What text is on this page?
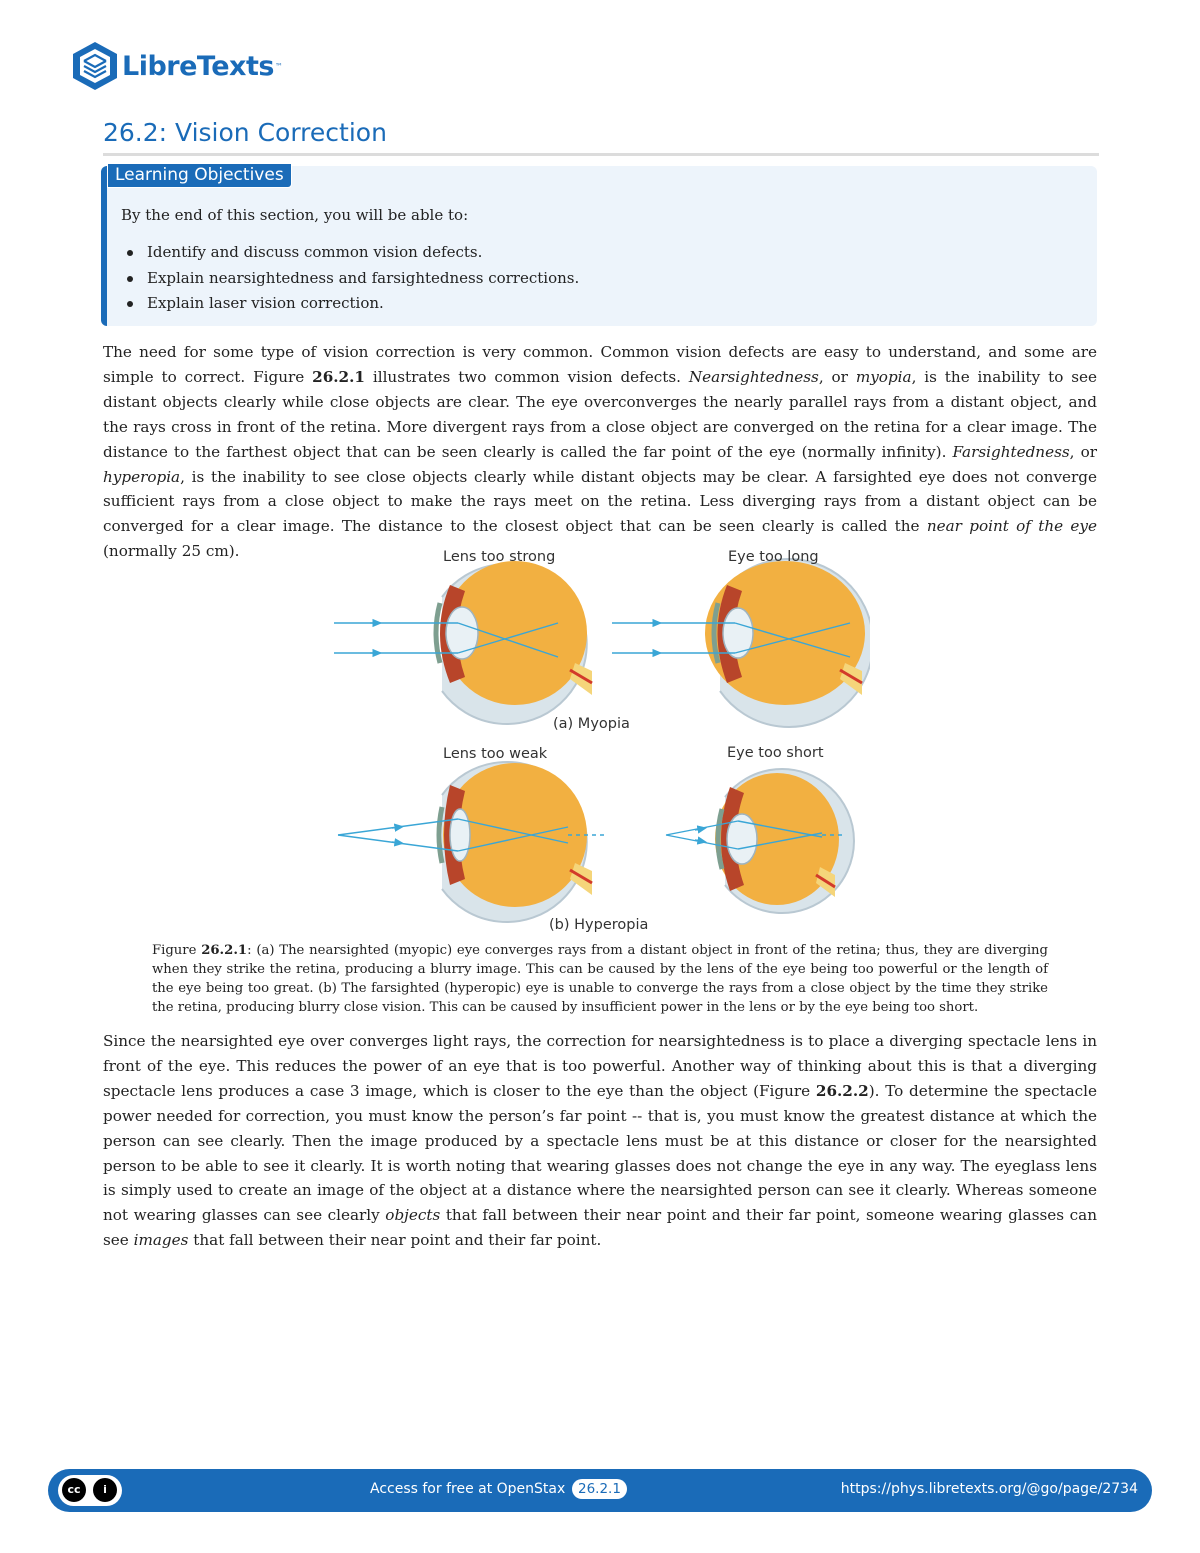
LibreTexts ™
26.2: Vision Correction
Learning Objectives

By the end of this section, you will be able to:

Identify and discuss common vision defects.
Explain nearsightedness and farsightedness corrections.
Explain laser vision correction.

The need for some type of vision correction is very common. Common vision defects are easy to understand, and some are simple to correct. Figure 26.2.1 illustrates two common vision defects. Nearsightedness, or myopia, is the inability to see distant objects clearly while close objects are clear. The eye overconverges the nearly parallel rays from a distant object, and the rays cross in front of the retina. More divergent rays from a close object are converged on the retina for a clear image. The distance to the farthest object that can be seen clearly is called the far point of the eye (normally infinity). Farsightedness, or hyperopia, is the inability to see close objects clearly while distant objects may be clear. A farsighted eye does not converge sufficient rays from a close object to make the rays meet on the retina. Less diverging rays from a distant object can be converged for a clear image. The distance to the closest object that can be seen clearly is called the near point of the eye (normally 25 cm).	Lens too strong	Eye too long
(a) Myopia
Lens too weak	Eye too short
(b) Hyperopia

Figure 26.2.1: (a) The nearsighted (myopic) eye converges rays from a distant object in front of the retina; thus, they are diverging when they strike the retina, producing a blurry image. This can be caused by the lens of the eye being too powerful or the length of the eye being too great. (b) The farsighted (hyperopic) eye is unable to converge the rays from a close object by the time they strike the retina, producing blurry close vision. This can be caused by insufficient power in the lens or by the eye being too short.

Since the nearsighted eye over converges light rays, the correction for nearsightedness is to place a diverging spectacle lens in front of the eye. This reduces the power of an eye that is too powerful. Another way of thinking about this is that a diverging spectacle lens produces a case 3 image, which is closer to the eye than the object (Figure 26.2.2). To determine the spectacle power needed for correction, you must know the person’s far point -- that is, you must know the greatest distance at which the person can see clearly. Then the image produced by a spectacle lens must be at this distance or closer for the nearsighted person to be able to see it clearly. It is worth noting that wearing glasses does not change the eye in any way. The eyeglass lens is simply used to create an image of the object at a distance where the nearsighted person can see it clearly. Whereas someone not wearing glasses can see clearly objects that fall between their near point and their far point, someone wearing glasses can see images that fall between their near point and their far point.

cc	i	Access for free at OpenStax 26.2.1	https://phys.libretexts.org/@go/page/2734
